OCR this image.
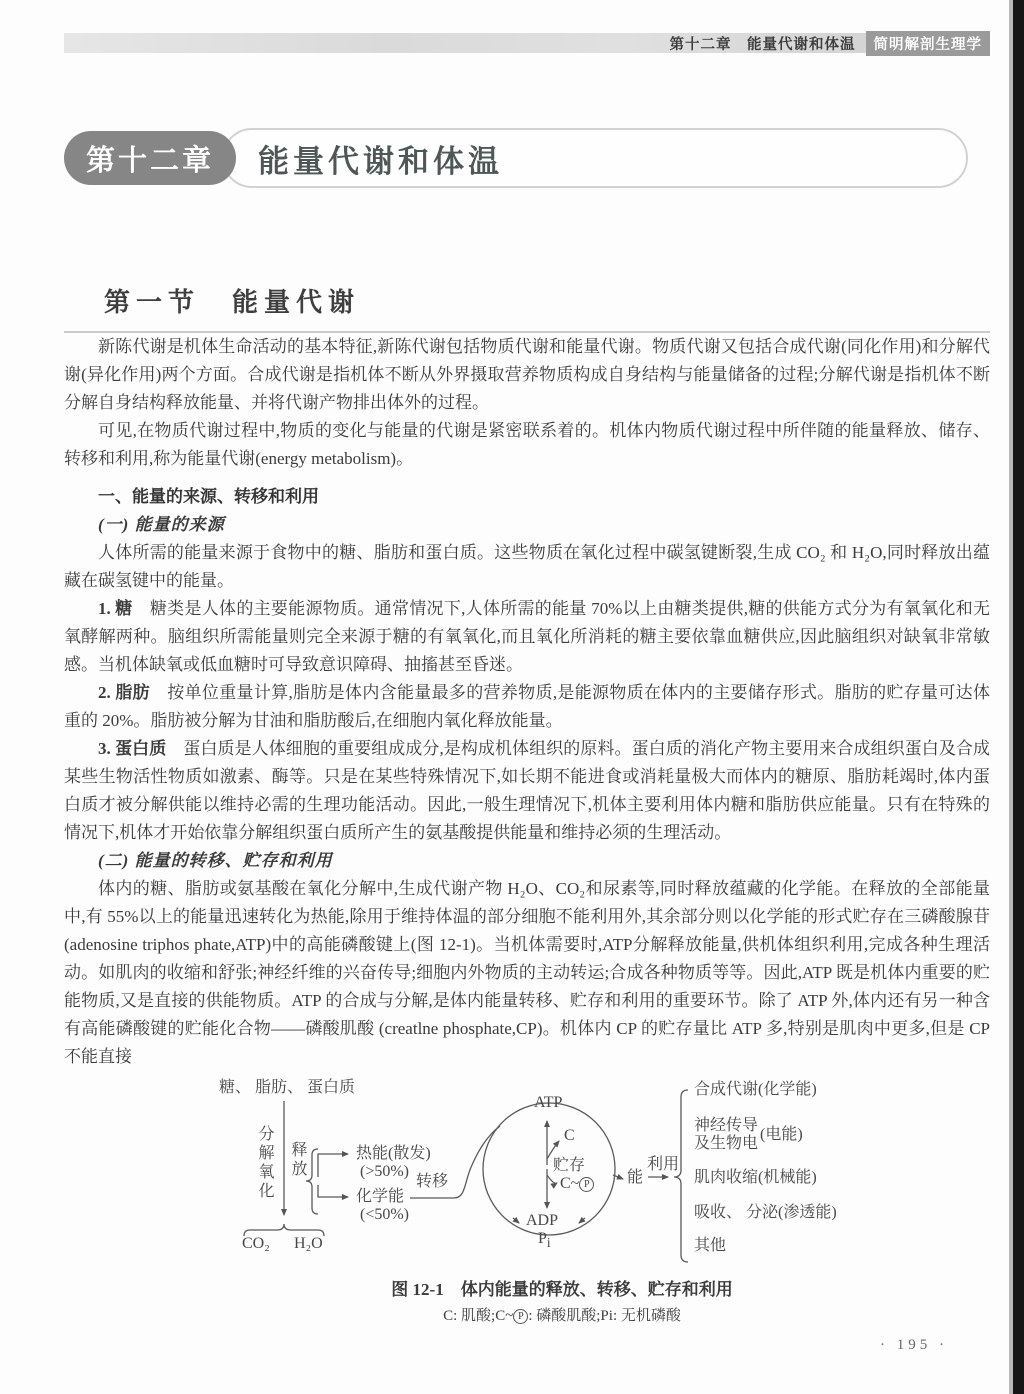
第十二章　能量代谢和体温	简明解剖生理学
第十二章	能量代谢和体温
第一节　能量代谢

新陈代谢是机体生命活动的基本特征,新陈代谢包括物质代谢和能量代谢。物质代谢又包括合成代谢(同化作用)和分解代谢(异化作用)两个方面。合成代谢是指机体不断从外界摄取营养物质构成自身结构与能量储备的过程;分解代谢是指机体不断分解自身结构释放能量、并将代谢产物排出体外的过程。

可见,在物质代谢过程中,物质的变化与能量的代谢是紧密联系着的。机体内物质代谢过程中所伴随的能量释放、储存、转移和利用,称为能量代谢(energy metabolism)。

一、能量的来源、转移和利用

(一) 能量的来源

人体所需的能量来源于食物中的糖、脂肪和蛋白质。这些物质在氧化过程中碳氢键断裂,生成 CO₂ 和 H₂O,同时释放出蕴藏在碳氢键中的能量。

1. 糖　糖类是人体的主要能源物质。通常情况下,人体所需的能量 70%以上由糖类提供,糖的供能方式分为有氧氧化和无氧酵解两种。脑组织所需能量则完全来源于糖的有氧氧化,而且氧化所消耗的糖主要依靠血糖供应,因此脑组织对缺氧非常敏感。当机体缺氧或低血糖时可导致意识障碍、抽搐甚至昏迷。

2. 脂肪　按单位重量计算,脂肪是体内含能量最多的营养物质,是能源物质在体内的主要储存形式。脂肪的贮存量可达体重的 20%。脂肪被分解为甘油和脂肪酸后,在细胞内氧化释放能量。

3. 蛋白质　蛋白质是人体细胞的重要组成成分,是构成机体组织的原料。蛋白质的消化产物主要用来合成组织蛋白及合成某些生物活性物质如激素、酶等。只是在某些特殊情况下,如长期不能进食或消耗量极大而体内的糖原、脂肪耗竭时,体内蛋白质才被分解供能以维持必需的生理功能活动。因此,一般生理情况下,机体主要利用体内糖和脂肪供应能量。只有在特殊的情况下,机体才开始依靠分解组织蛋白质所产生的氨基酸提供能量和维持必须的生理活动。

(二) 能量的转移、贮存和利用

体内的糖、脂肪或氨基酸在氧化分解中,生成代谢产物 H₂O、CO₂和尿素等,同时释放蕴藏的化学能。在释放的全部能量中,有 55%以上的能量迅速转化为热能,除用于维持体温的部分细胞不能利用外,其余部分则以化学能的形式贮存在三磷酸腺苷(adenosine triphos phate,ATP)中的高能磷酸键上(图 12-1)。当机体需要时,ATP分解释放能量,供机体组织利用,完成各种生理活动。如肌肉的收缩和舒张;神经纤维的兴奋传导;细胞内外物质的主动转运;合成各种物质等等。因此,ATP 既是机体内重要的贮能物质,又是直接的供能物质。ATP 的合成与分解,是体内能量转移、贮存和利用的重要环节。除了 ATP 外,体内还有另一种含有高能磷酸键的贮能化合物——磷酸肌酸 (creatlne phosphate,CP)。机体内 CP 的贮存量比 ATP 多,特别是肌肉中更多,但是 CP 不能直接

糖、 脂肪、 蛋白质
分解氧化 释放	热能(散发)
(>50%)
化学能
(<50%)
转移
ATP
C
贮存
C~ P
ADP
$P_i$
能
利用
CO₂ H₂O
合成代谢(化学能)
神经传导
及生物电
(电能)
肌肉收缩(机械能)
吸收、 分泌(渗透能)
其他

图 12-1　体内能量的释放、转移、贮存和利用

C: 肌酸;C~ P : 磷酸肌酸;Pi: 无机磷酸

· 195 ·
